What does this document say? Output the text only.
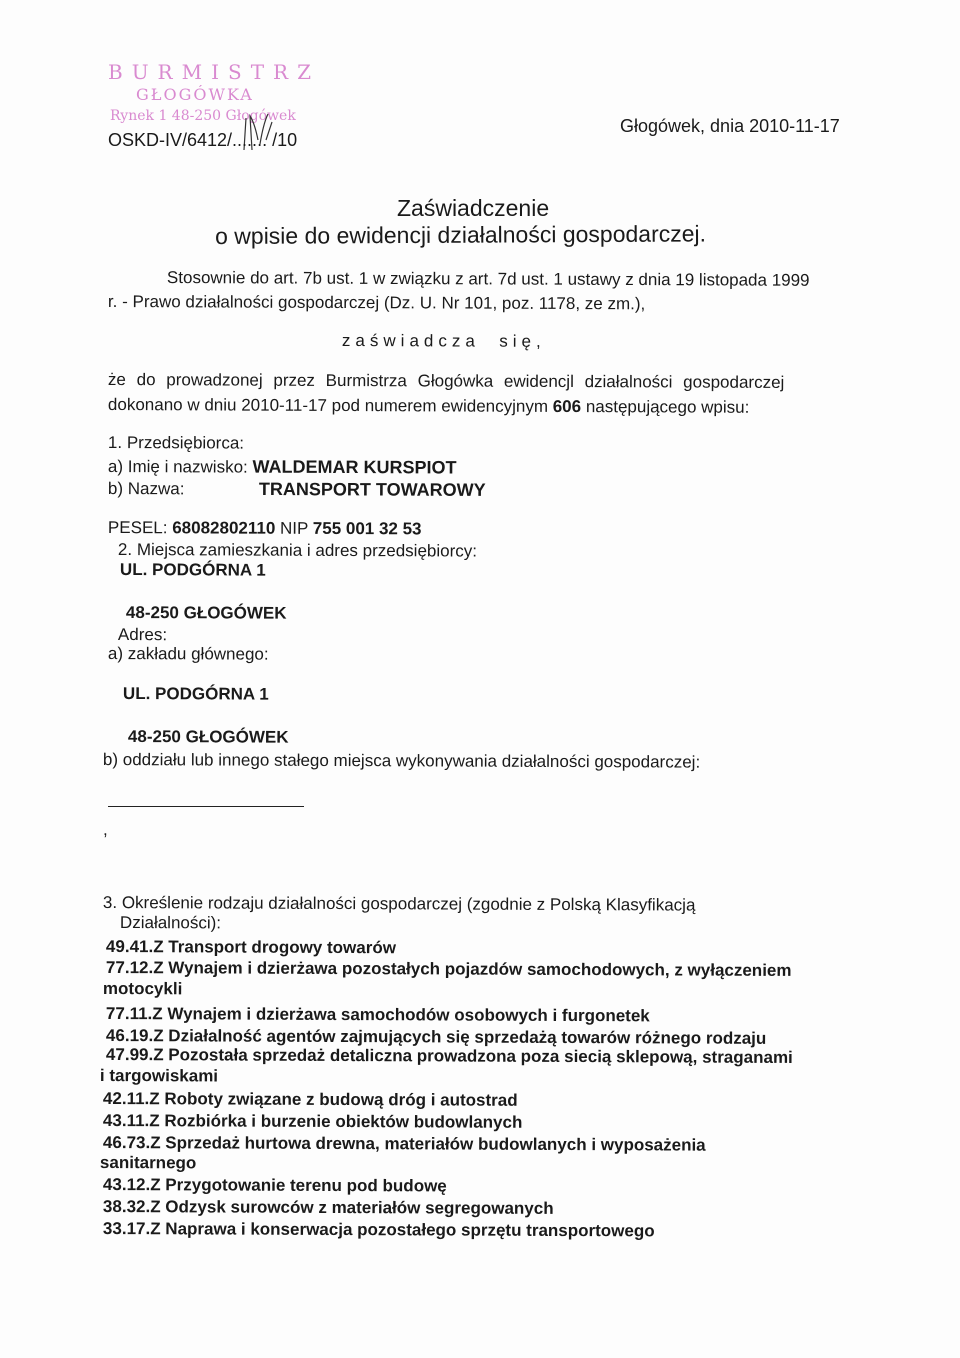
BURMISTRZ
GŁOGÓWKA
Rynek 1 48-250 Głogówek
OSKD-IV/6412/....... /10
Głogówek, dnia 2010-11-17
Zaświadczenie
o wpisie do ewidencji działalności gospodarczej.
Stosownie do art. 7b ust. 1 w związku z art. 7d ust. 1 ustawy z dnia 19 listopada 1999
r. - Prawo działalności gospodarczej (Dz. U. Nr 101, poz. 1178, ze zm.),
zaświadcza się,
że do prowadzonej przez Burmistrza Głogówka ewidencjl działalności gospodarczej
dokonano w dniu 2010-11-17 pod numerem ewidencyjnym 606 następującego wpisu:
1. Przedsiębiorca:
a) Imię i nazwisko: WALDEMAR KURSPIOT
b) Nazwa:	TRANSPORT TOWAROWY
PESEL: 68082802110 NIP 755 001 32 53
2. Miejsca zamieszkania i adres przedsiębiorcy:
UL. PODGÓRNA 1
48-250 GŁOGÓWEK
Adres:
a) zakładu głównego:
UL. PODGÓRNA 1
48-250 GŁOGÓWEK
b) oddziału lub innego stałego miejsca wykonywania działalności gospodarczej:
,
3. Określenie rodzaju działalności gospodarczej (zgodnie z Polską Klasyfikacją
Działalności):
49.41.Z Transport drogowy towarów
77.12.Z Wynajem i dzierżawa pozostałych pojazdów samochodowych, z wyłączeniem
motocykli
77.11.Z Wynajem i dzierżawa samochodów osobowych i furgonetek
46.19.Z Działalność agentów zajmujących się sprzedażą towarów różnego rodzaju
47.99.Z Pozostała sprzedaż detaliczna prowadzona poza siecią sklepową, straganami
i targowiskami
42.11.Z Roboty związane z budową dróg i autostrad
43.11.Z Rozbiórka i burzenie obiektów budowlanych
46.73.Z Sprzedaż hurtowa drewna, materiałów budowlanych i wyposażenia
sanitarnego
43.12.Z Przygotowanie terenu pod budowę
38.32.Z Odzysk surowców z materiałów segregowanych
33.17.Z Naprawa i konserwacja pozostałego sprzętu transportowego
